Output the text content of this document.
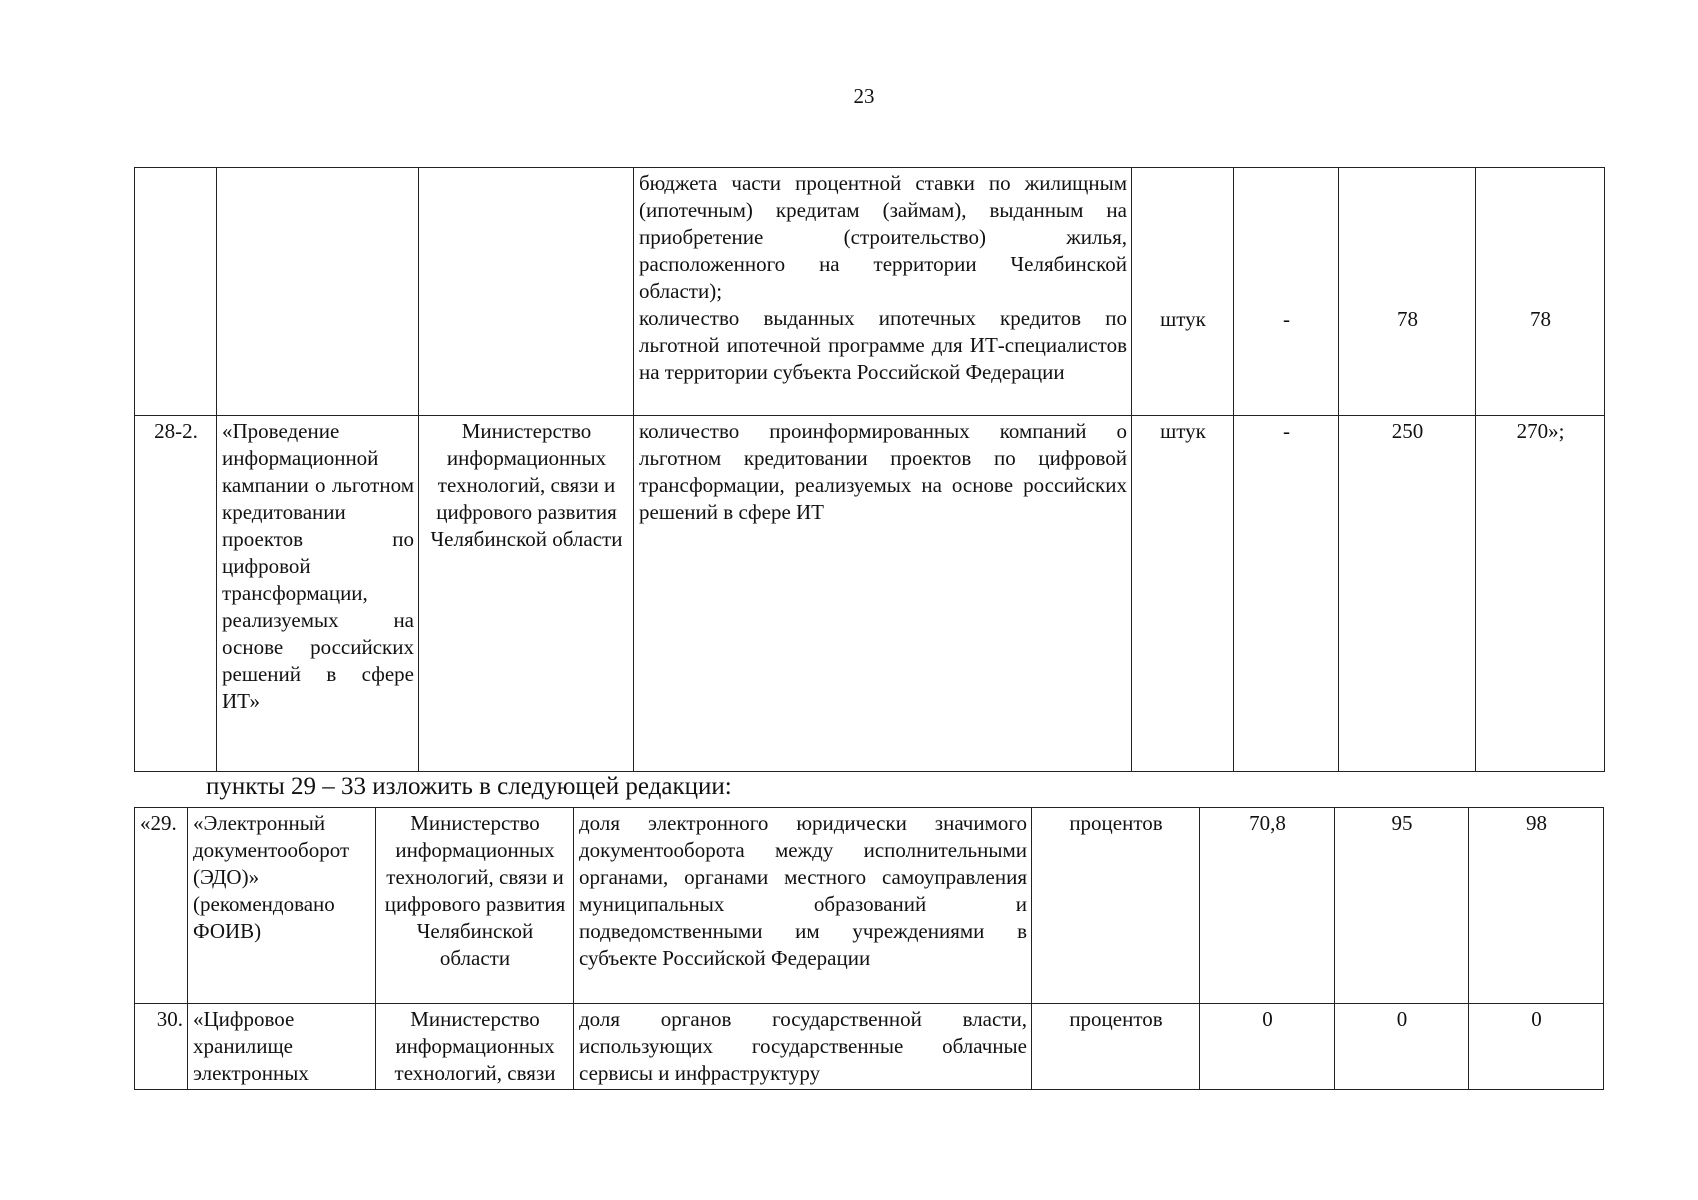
23

			бюджета части процентной ставки по жилищным (ипотечным) кредитам (займам), выданным на приобретение (строительство) жилья, расположенного на территории Челябинской области);
количество выданных ипотечных кредитов по льготной ипотечной программе для ИТ-специалистов на территории субъекта Российской Федерации	штук	-	78	78
28-2.	«Проведение информационной кампании о льготном кредитовании проектов по цифровой трансформации, реализуемых на основе российских решений в сфере ИТ»	Министерство информационных технологий, связи и цифрового развития Челябинской области	количество проинформированных компаний о льготном кредитовании проектов по цифровой трансформации, реализуемых на основе российских решений в сфере ИТ	штук	-	250	270»;
пункты 29 – 33 изложить в следующей редакции:
«29.	«Электронный документооборот (ЭДО)» (рекомендовано ФОИВ)	Министерство информационных технологий, связи и цифрового развития Челябинской области	доля электронного юридически значимого документооборота между исполнительными органами, органами местного самоуправления муниципальных образований и подведомственными им учреждениями в субъекте Российской Федерации	процентов	70,8	95	98
30.	«Цифровое хранилище электронных	Министерство информационных технологий, связи	доля органов государственной власти, использующих государственные облачные сервисы и инфраструктуру	процентов	0	0	0
